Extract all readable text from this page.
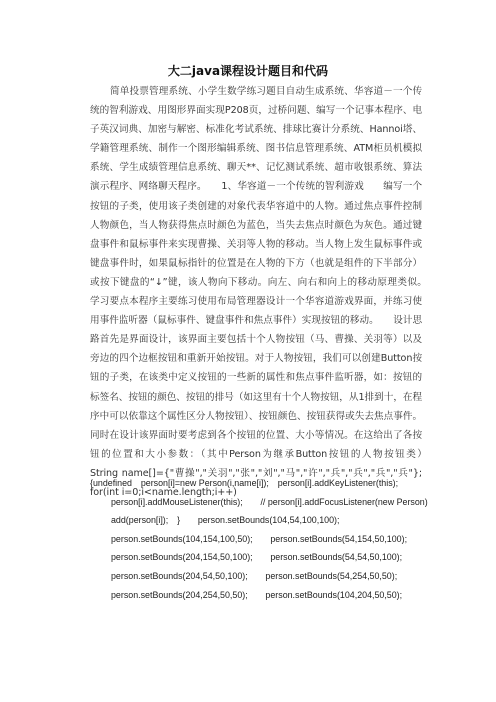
大二java课程设计题目和代码
简单投票管理系统、小学生数学练习题目自动生成系统、华容道－一个传统的智利游戏、用图形界面实现P208页，过桥问题、编写一个记事本程序、电子英汉词典、加密与解密、标准化考试系统、排球比赛计分系统、Hannoi塔、学籍管理系统、制作一个图形编辑系统、图书信息管理系统、ATM柜员机模拟系统、学生成绩管理信息系统、聊天**、记忆测试系统、超市收银系统、算法演示程序、网络聊天程序。　　1、华容道－一个传统的智利游戏　　编写一个按钮的子类，使用该子类创建的对象代表华容道中的人物。通过焦点事件控制人物颜色，当人物获得焦点时颜色为蓝色，当失去焦点时颜色为灰色。通过键盘事件和鼠标事件来实现曹操、关羽等人物的移动。当人物上发生鼠标事件或键盘事件时，如果鼠标指针的位置是在人物的下方（也就是组件的下半部分）或按下键盘的“↓”键，该人物向下移动。向左、向右和向上的移动原理类似。　　学习要点本程序主要练习使用布局管理器设计一个华容道游戏界面，并练习使用事件监听器（鼠标事件、键盘事件和焦点事件）实现按钮的移动。　　设计思路首先是界面设计，该界面主要包括十个人物按钮（马、曹操、关羽等）以及旁边的四个边框按钮和重新开始按钮。对于人物按钮，我们可以创建Button按钮的子类，在该类中定义按钮的一些新的属性和焦点事件监听器，如：按钮的标签名、按钮的颜色、按钮的排号（如这里有十个人物按钮，从1排到十，在程序中可以依靠这个属性区分人物按钮）、按钮颜色、按钮获得或失去焦点事件。同时在设计该界面时要考虑到各个按钮的位置、大小等情况。在这给出了各按钮的位置和大小参数：（其中Person为继承Button按钮的人物按钮类）　　String name[]={"曹操","关羽","张","刘","马","许","兵","兵","兵","兵"};　　for(int i=0;i<name.length;i++)
{undefined　person[i]=new Person(i,name[i]);　person[i].addKeyListener(this);
person[i].addMouseListener(this);　　// person[i].addFocusListener(new Person)
add(person[i]);　}　　person.setBounds(104,54,100,100);
person.setBounds(104,154,100,50);　　person.setBounds(54,154,50,100);
person.setBounds(204,154,50,100);　　person.setBounds(54,54,50,100);
person.setBounds(204,54,50,100);　　person.setBounds(54,254,50,50);
person.setBounds(204,254,50,50);　　person.setBounds(104,204,50,50);
